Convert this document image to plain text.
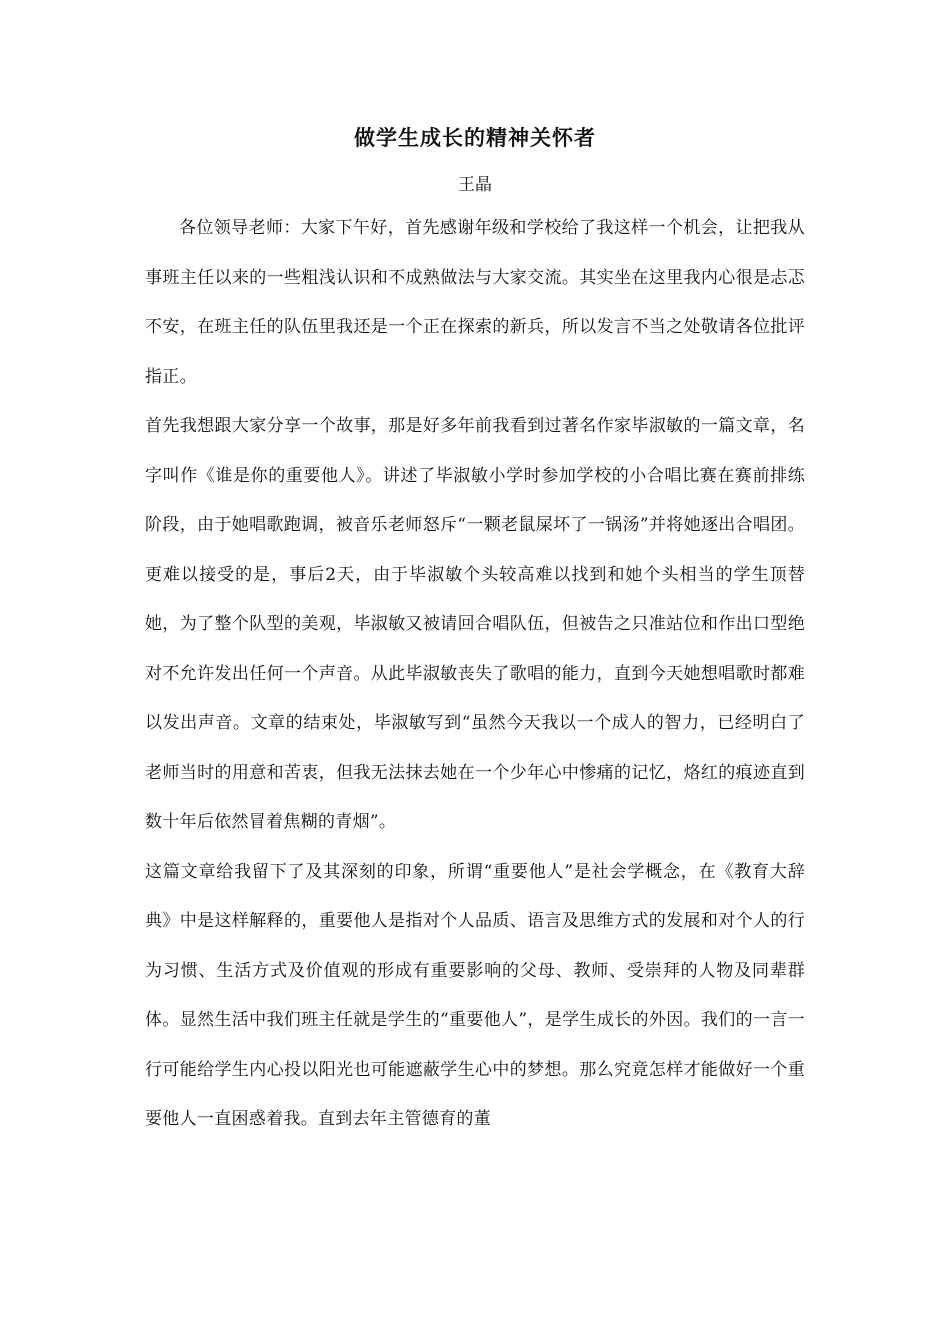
做学生成长的精神关怀者

王晶

各位领导老师：大家下午好，首先感谢年级和学校给了我这样一个机会，让把我从事班主任以来的一些粗浅认识和不成熟做法与大家交流。其实坐在这里我内心很是忐忑不安，在班主任的队伍里我还是一个正在探索的新兵，所以发言不当之处敬请各位批评指正。

首先我想跟大家分享一个故事，那是好多年前我看到过著名作家毕淑敏的一篇文章，名字叫作《谁是你的重要他人》。讲述了毕淑敏小学时参加学校的小合唱比赛在赛前排练阶段，由于她唱歌跑调，被音乐老师怒斥“一颗老鼠屎坏了一锅汤”并将她逐出合唱团。更难以接受的是，事后2天，由于毕淑敏个头较高难以找到和她个头相当的学生顶替她，为了整个队型的美观，毕淑敏又被请回合唱队伍，但被告之只准站位和作出口型绝对不允许发出任何一个声音。从此毕淑敏丧失了歌唱的能力，直到今天她想唱歌时都难以发出声音。文章的结束处，毕淑敏写到“虽然今天我以一个成人的智力，已经明白了老师当时的用意和苦衷，但我无法抹去她在一个少年心中惨痛的记忆，烙红的痕迹直到数十年后依然冒着焦糊的青烟”。

这篇文章给我留下了及其深刻的印象，所谓“重要他人”是社会学概念，在《教育大辞典》中是这样解释的，重要他人是指对个人品质、语言及思维方式的发展和对个人的行为习惯、生活方式及价值观的形成有重要影响的父母、教师、受崇拜的人物及同辈群体。显然生活中我们班主任就是学生的“重要他人”，是学生成长的外因。我们的一言一行可能给学生内心投以阳光也可能遮蔽学生心中的梦想。那么究竟怎样才能做好一个重要他人一直困惑着我。直到去年主管德育的董
